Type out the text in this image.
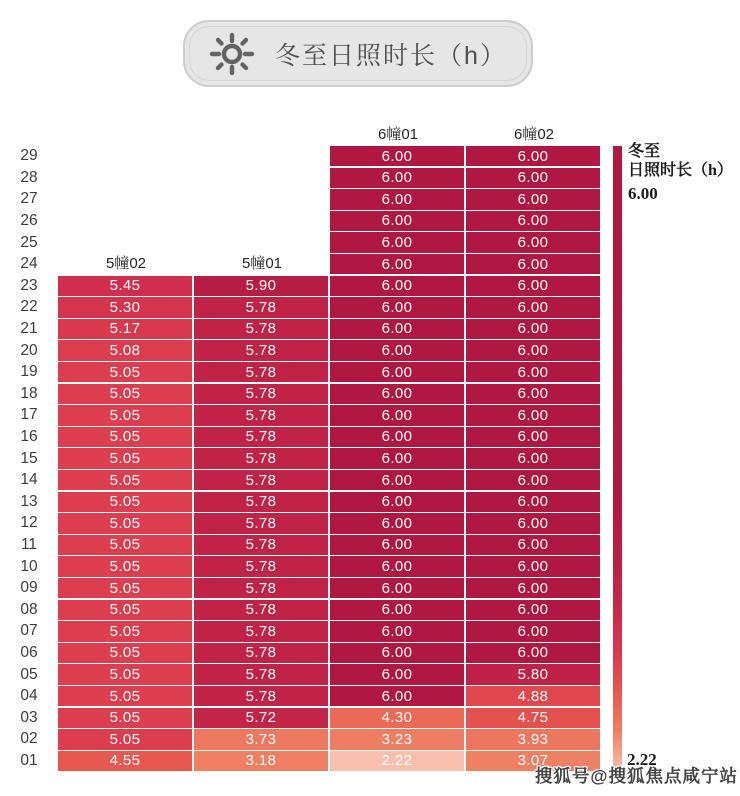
冬至日照时长（h）
29
28
27
26
25
24
23
22
21
20
19
18
17
16
15
14
13
12
11
10
09
08
07
06
05
04
03
02
01
5幢02
5.45
5.30
5.17
5.08
5.05
5.05
5.05
5.05
5.05
5.05
5.05
5.05
5.05
5.05
5.05
5.05
5.05
5.05
5.05
5.05
5.05
5.05
4.55
5幢01
5.90
5.78
5.78
5.78
5.78
5.78
5.78
5.78
5.78
5.78
5.78
5.78
5.78
5.78
5.78
5.78
5.78
5.78
5.78
5.78
5.72
3.73
3.18
6幢01
6.00
6.00
6.00
6.00
6.00
6.00
6.00
6.00
6.00
6.00
6.00
6.00
6.00
6.00
6.00
6.00
6.00
6.00
6.00
6.00
6.00
6.00
6.00
6.00
6.00
6.00
4.30
3.23
2.22
6幢02
6.00
6.00
6.00
6.00
6.00
6.00
6.00
6.00
6.00
6.00
6.00
6.00
6.00
6.00
6.00
6.00
6.00
6.00
6.00
6.00
6.00
6.00
6.00
6.00
5.80
4.88
4.75
3.93
3.07
冬至
日照时长（h）
6.00
2.22
搜狐号@搜狐焦点咸宁站
